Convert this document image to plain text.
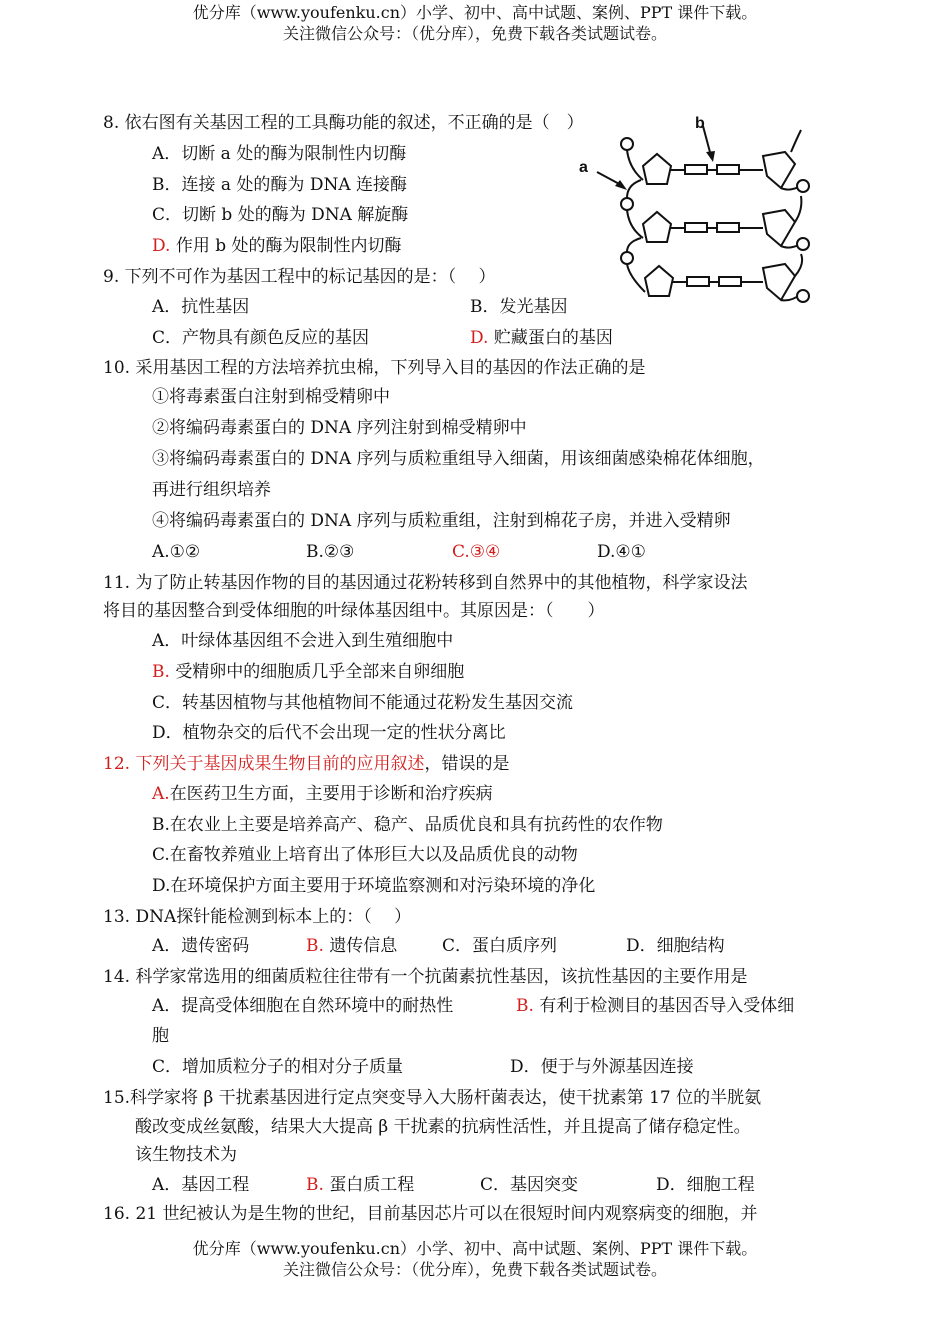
优分库（www.youfenku.cn）小学、初中、高中试题、案例、PPT 课件下载。
关注微信公众号：（优分库），免费下载各类试题试卷。
a
b
8. 依右图有关基因工程的工具酶功能的叙述，不正确的是（　）
A．切断 a 处的酶为限制性内切酶
B．连接 a 处的酶为 DNA 连接酶
C．切断 b 处的酶为 DNA 解旋酶
D. 作用 b 处的酶为限制性内切酶
9. 下列不可作为基因工程中的标记基因的是：（　 ）
A．抗性基因	B．发光基因
C．产物具有颜色反应的基因	D. 贮藏蛋白的基因
10. 采用基因工程的方法培养抗虫棉，下列导入目的基因的作法正确的是
①将毒素蛋白注射到棉受精卵中
②将编码毒素蛋白的 DNA 序列注射到棉受精卵中
③将编码毒素蛋白的 DNA 序列与质粒重组导入细菌，用该细菌感染棉花体细胞，
再进行组织培养
④将编码毒素蛋白的 DNA 序列与质粒重组，注射到棉花子房，并进入受精卵
A.①②	B.②③	C.③④	D.④①
11. 为了防止转基因作物的目的基因通过花粉转移到自然界中的其他植物，科学家设法
将目的基因整合到受体细胞的叶绿体基因组中。其原因是：（　　）
A．叶绿体基因组不会进入到生殖细胞中
B. 受精卵中的细胞质几乎全部来自卵细胞
C．转基因植物与其他植物间不能通过花粉发生基因交流
D．植物杂交的后代不会出现一定的性状分离比
12. 下列关于基因成果生物目前的应用叙述，错误的是
A.在医药卫生方面，主要用于诊断和治疗疾病
B.在农业上主要是培养高产、稳产、品质优良和具有抗药性的农作物
C.在畜牧养殖业上培育出了体形巨大以及品质优良的动物
D.在环境保护方面主要用于环境监察测和对污染环境的净化
13. DNA探针能检测到标本上的：（　 ）
A．遗传密码	B. 遗传信息	C．蛋白质序列	D．细胞结构
14. 科学家常选用的细菌质粒往往带有一个抗菌素抗性基因，该抗性基因的主要作用是
A．提高受体细胞在自然环境中的耐热性	B. 有利于检测目的基因否导入受体细
胞
C．增加质粒分子的相对分子质量	D．便于与外源基因连接
15.科学家将 β 干扰素基因进行定点突变导入大肠杆菌表达，使干扰素第 17 位的半胱氨
酸改变成丝氨酸，结果大大提高 β 干扰素的抗病性活性，并且提高了储存稳定性。
该生物技术为
A．基因工程	B. 蛋白质工程	C．基因突变	D．细胞工程
16. 21 世纪被认为是生物的世纪，目前基因芯片可以在很短时间内观察病变的细胞，并
优分库（www.youfenku.cn）小学、初中、高中试题、案例、PPT 课件下载。
关注微信公众号：（优分库），免费下载各类试题试卷。
